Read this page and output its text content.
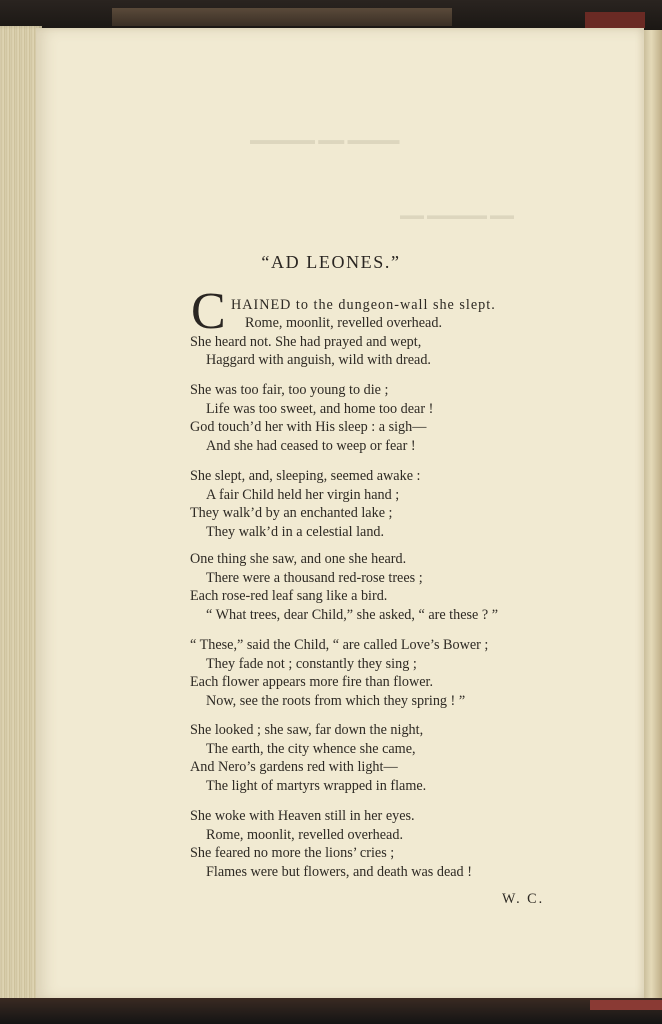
▬▬▬▬ ▬▬ ▬▬▬▬▬
▬▬ ▬▬▬▬▬ ▬▬
“AD LEONES.”
C HAINED to the dungeon-wall she slept.
Rome, moonlit, revelled overhead.
She heard not. She had prayed and wept,
Haggard with anguish, wild with dread.
She was too fair, too young to die ;
Life was too sweet, and home too dear !
God touch’d her with His sleep : a sigh—
And she had ceased to weep or fear !
She slept, and, sleeping, seemed awake :
A fair Child held her virgin hand ;
They walk’d by an enchanted lake ;
They walk’d in a celestial land.
One thing she saw, and one she heard.
There were a thousand red-rose trees ;
Each rose-red leaf sang like a bird.
“ What trees, dear Child,” she asked, “ are these ? ”
“ These,” said the Child, “ are called Love’s Bower ;
They fade not ; constantly they sing ;
Each flower appears more fire than flower.
Now, see the roots from which they spring ! ”
She looked ; she saw, far down the night,
The earth, the city whence she came,
And Nero’s gardens red with light—
The light of martyrs wrapped in flame.
She woke with Heaven still in her eyes.
Rome, moonlit, revelled overhead.
She feared no more the lions’ cries ;
Flames were but flowers, and death was dead !
W. C.
